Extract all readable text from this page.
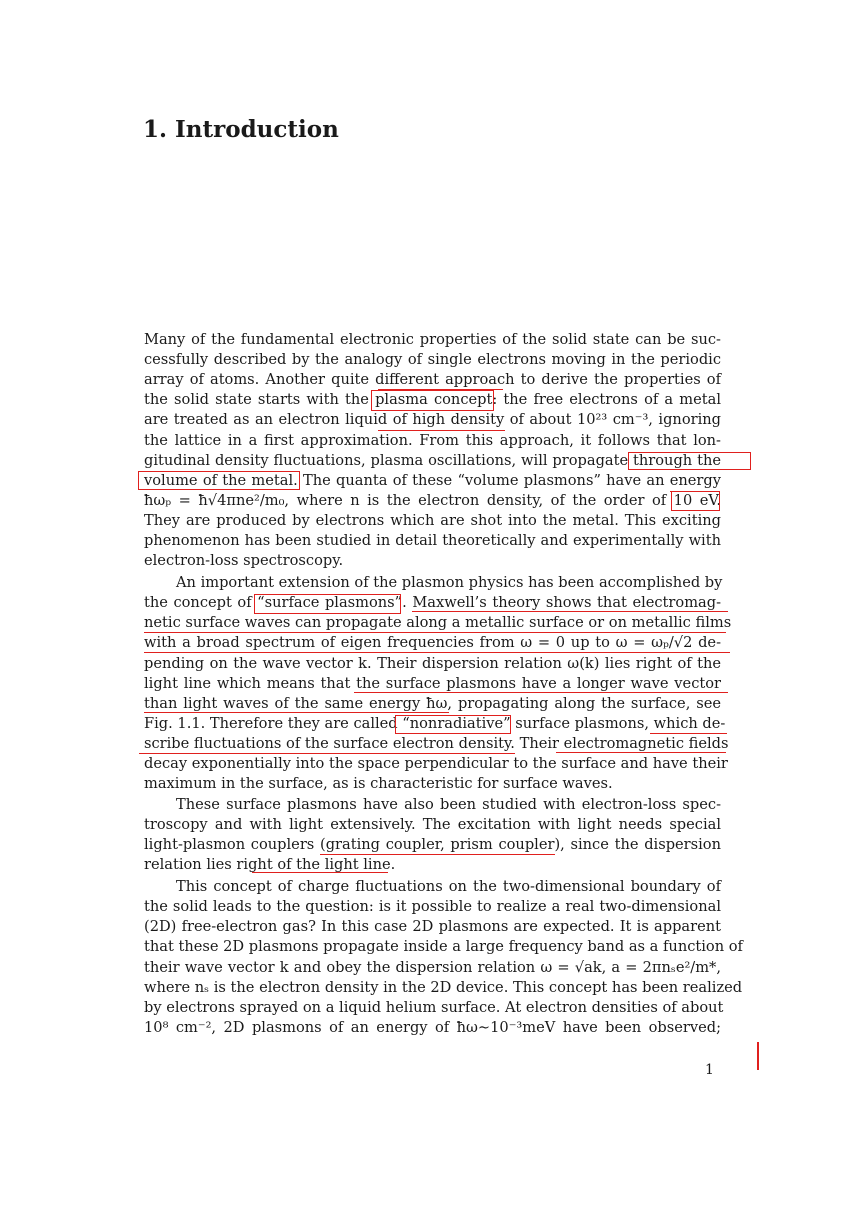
1. Introduction
Many of the fundamental electronic properties of the solid state can be suc-
cessfully described by the analogy of single electrons moving in the periodic
array of atoms. Another quite different approach to derive the properties of
the solid state starts with the plasma concept: the free electrons of a metal
are treated as an electron liquid of high density of about 10²³ cm⁻³, ignoring
the lattice in a first approximation. From this approach, it follows that lon-
gitudinal density fluctuations, plasma oscillations, will propagate through the
volume of the metal. The quanta of these “volume plasmons” have an energy
ħωₚ = ħ√4πne²/m₀, where n is the electron density, of the order of 10 eV.
They are produced by electrons which are shot into the metal. This exciting
phenomenon has been studied in detail theoretically and experimentally with
electron-loss spectroscopy.
An important extension of the plasmon physics has been accomplished by
the concept of “surface plasmons”. Maxwell’s theory shows that electromag-
netic surface waves can propagate along a metallic surface or on metallic films
with a broad spectrum of eigen frequencies from ω = 0 up to ω = ωₚ/√2 de-
pending on the wave vector k. Their dispersion relation ω(k) lies right of the
light line which means that the surface plasmons have a longer wave vector
than light waves of the same energy ħω, propagating along the surface, see
Fig. 1.1. Therefore they are called “nonradiative” surface plasmons, which de-
scribe fluctuations of the surface electron density. Their electromagnetic fields
decay exponentially into the space perpendicular to the surface and have their
maximum in the surface, as is characteristic for surface waves.
These surface plasmons have also been studied with electron-loss spec-
troscopy and with light extensively. The excitation with light needs special
light-plasmon couplers (grating coupler, prism coupler), since the dispersion
relation lies right of the light line.
This concept of charge fluctuations on the two-dimensional boundary of
the solid leads to the question: is it possible to realize a real two-dimensional
(2D) free-electron gas? In this case 2D plasmons are expected. It is apparent
that these 2D plasmons propagate inside a large frequency band as a function of
their wave vector k and obey the dispersion relation ω = √ak, a = 2πnₛe²/m*,
where nₛ is the electron density in the 2D device. This concept has been realized
by electrons sprayed on a liquid helium surface. At electron densities of about
10⁸ cm⁻², 2D plasmons of an energy of ħω∼10⁻³meV have been observed;
1
